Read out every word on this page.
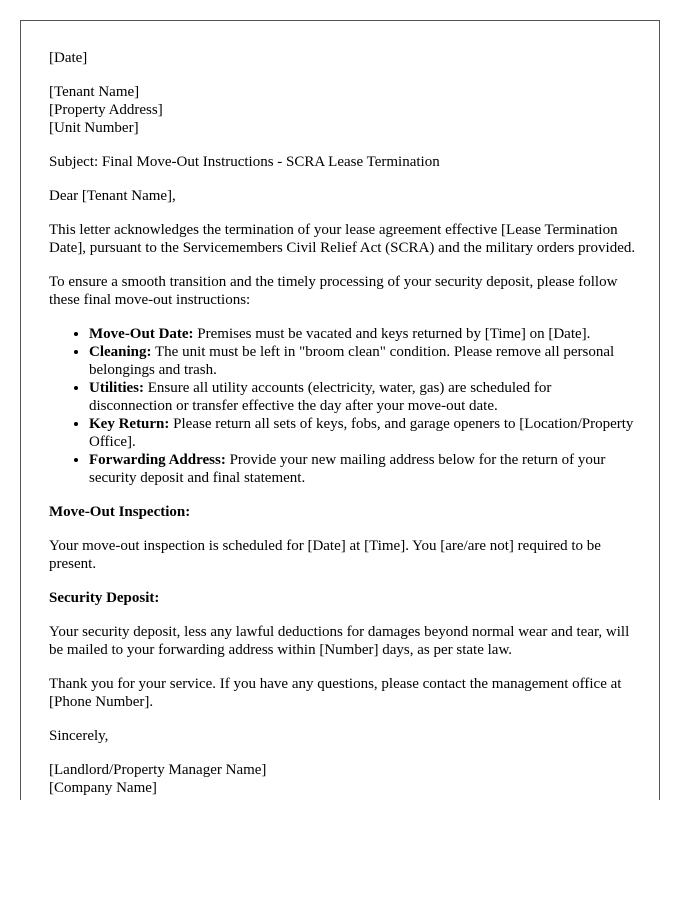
[Date]

[Tenant Name]
[Property Address]
[Unit Number]

Subject: Final Move-Out Instructions - SCRA Lease Termination

Dear [Tenant Name],

This letter acknowledges the termination of your lease agreement effective [Lease Termination Date], pursuant to the Servicemembers Civil Relief Act (SCRA) and the military orders provided.

To ensure a smooth transition and the timely processing of your security deposit, please follow these final move-out instructions:

• Move-Out Date: Premises must be vacated and keys returned by [Time] on [Date].
• Cleaning: The unit must be left in "broom clean" condition. Please remove all personal belongings and trash.
• Utilities: Ensure all utility accounts (electricity, water, gas) are scheduled for disconnection or transfer effective the day after your move-out date.
• Key Return: Please return all sets of keys, fobs, and garage openers to [Location/Property Office].
• Forwarding Address: Provide your new mailing address below for the return of your security deposit and final statement.

Move-Out Inspection:

Your move-out inspection is scheduled for [Date] at [Time]. You [are/are not] required to be present.

Security Deposit:

Your security deposit, less any lawful deductions for damages beyond normal wear and tear, will be mailed to your forwarding address within [Number] days, as per state law.

Thank you for your service. If you have any questions, please contact the management office at [Phone Number].

Sincerely,

[Landlord/Property Manager Name]
[Company Name]
